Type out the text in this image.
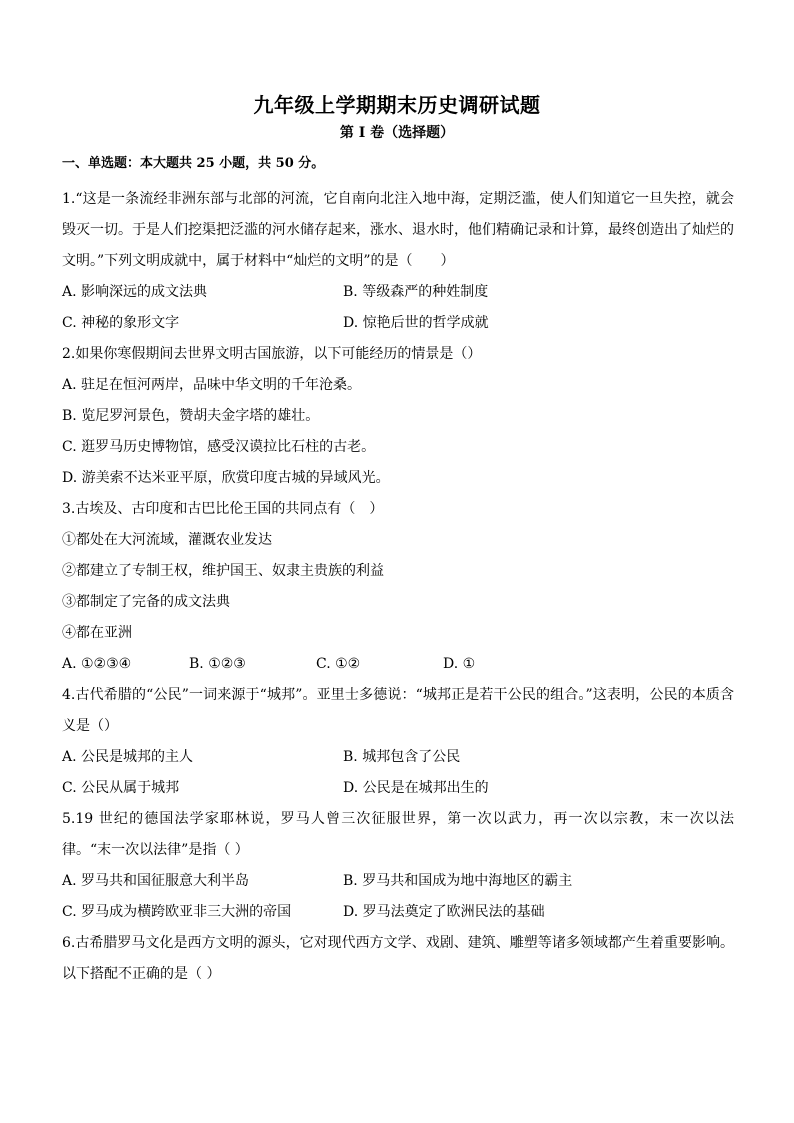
九年级上学期期末历史调研试题
第 I 卷（选择题）
一、单选题：本大题共 25 小题，共 50 分。
1.“这是一条流经非洲东部与北部的河流，它自南向北注入地中海，定期泛滥，使人们知道它一旦失控，就会毁灭一切。于是人们挖渠把泛滥的河水储存起来，涨水、退水时，他们精确记录和计算，最终创造出了灿烂的文明。”下列文明成就中，属于材料中“灿烂的文明”的是（　　）
A. 影响深远的成文法典	B. 等级森严的种姓制度
C. 神秘的象形文字	D. 惊艳后世的哲学成就
2.如果你寒假期间去世界文明古国旅游，以下可能经历的情景是（）
A. 驻足在恒河两岸，品味中华文明的千年沧桑。
B. 览尼罗河景色，赞胡夫金字塔的雄壮。
C. 逛罗马历史博物馆，感受汉谟拉比石柱的古老。
D. 游美索不达米亚平原，欣赏印度古城的异域风光。
3.古埃及、古印度和古巴比伦王国的共同点有（　）
①都处在大河流域，灌溉农业发达
②都建立了专制王权，维护国王、奴隶主贵族的利益
③都制定了完备的成文法典
④都在亚洲
A. ①②③④	B. ①②③	C. ①②	D. ①
4.古代希腊的“公民”一词来源于“城邦”。亚里士多德说：“城邦正是若干公民的组合。”这表明，公民的本质含义是（）
A. 公民是城邦的主人	B. 城邦包含了公民
C. 公民从属于城邦	D. 公民是在城邦出生的
5.19 世纪的德国法学家耶林说，罗马人曾三次征服世界，第一次以武力，再一次以宗教，末一次以法律。“末一次以法律”是指（ ）
A. 罗马共和国征服意大利半岛	B. 罗马共和国成为地中海地区的霸主
C. 罗马成为横跨欧亚非三大洲的帝国	D. 罗马法奠定了欧洲民法的基础
6.古希腊罗马文化是西方文明的源头，它对现代西方文学、戏剧、建筑、雕塑等诸多领域都产生着重要影响。以下搭配不正确的是（ ）
